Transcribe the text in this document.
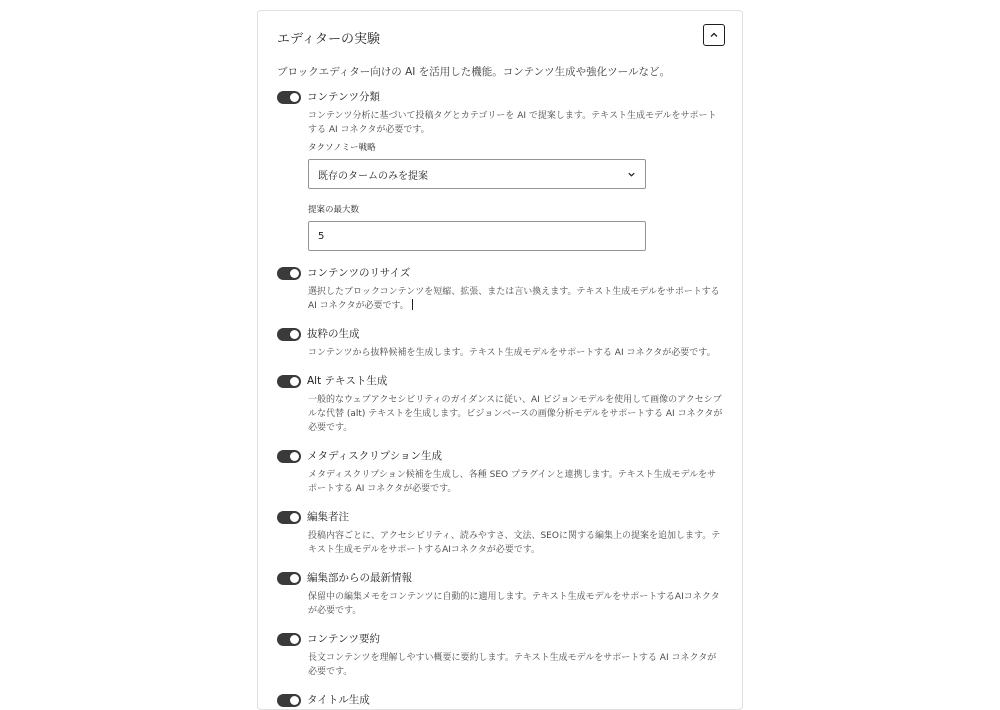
エディターの実験
ブロックエディター向けの AI を活用した機能。コンテンツ生成や強化ツールなど。
コンテンツ分類
コンテンツ分析に基づいて投稿タグとカテゴリーを AI で提案します。テキスト生成モデルをサポートする AI コネクタが必要です。
タクソノミー戦略
既存のタームのみを提案
提案の最大数
5
コンテンツのリサイズ
選択したブロックコンテンツを短縮、拡張、または言い換えます。テキスト生成モデルをサポートする AI コネクタが必要です。
抜粋の生成
コンテンツから抜粋候補を生成します。テキスト生成モデルをサポートする AI コネクタが必要です。
Alt テキスト生成
一般的なウェブアクセシビリティのガイダンスに従い、AI ビジョンモデルを使用して画像のアクセシブルな代替 (alt) テキストを生成します。ビジョンベースの画像分析モデルをサポートする AI コネクタが必要です。
メタディスクリプション生成
メタディスクリプション候補を生成し、各種 SEO プラグインと連携します。テキスト生成モデルをサポートする AI コネクタが必要です。
編集者注
投稿内容ごとに、アクセシビリティ、読みやすさ、文法、SEOに関する編集上の提案を追加します。テキスト生成モデルをサポートするAIコネクタが必要です。
編集部からの最新情報
保留中の編集メモをコンテンツに自動的に適用します。テキスト生成モデルをサポートするAIコネクタが必要です。
コンテンツ要約
長文コンテンツを理解しやすい概要に要約します。テキスト生成モデルをサポートする AI コネクタが必要です。
タイトル生成
